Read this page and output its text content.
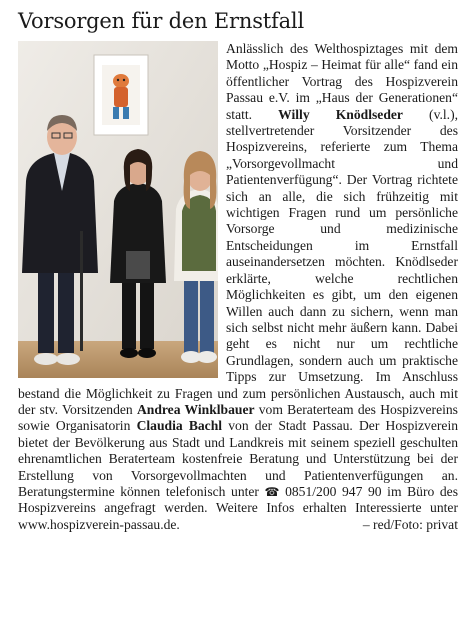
Vorsorgen für den Ernstfall

Anlässlich des Welthospiztages mit dem Motto „Hospiz – Heimat für alle“ fand ein öffentlicher Vortrag des Hospizverein Passau e.V. im „Haus der Generationen“ statt. Willy Knödlseder (v.l.), stellvertretender Vorsitzender des Hospizvereins, referierte zum Thema „Vorsorgevollmacht und Patientenverfügung“. Der Vortrag richtete sich an alle, die sich frühzeitig mit wichtigen Fragen rund um persönliche Vorsorge und medizinische Entscheidungen im Ernstfall auseinandersetzen möchten. Knödlseder erklärte, welche rechtlichen Möglichkeiten es gibt, um den eigenen Willen auch dann zu sichern, wenn man sich selbst nicht mehr äußern kann. Dabei geht es nicht nur um rechtliche Grundlagen, sondern auch um praktische Tipps zur Umsetzung. Im Anschluss bestand die Möglichkeit zu Fragen und zum persönlichen Austausch, auch mit der stv. Vorsitzenden Andrea Winklbauer vom Beraterteam des Hospizvereins sowie Organisatorin Claudia Bachl von der Stadt Passau. Der Hospizverein bietet der Bevölkerung aus Stadt und Landkreis mit seinem speziell geschulten ehrenamtlichen Beraterteam kostenfreie Beratung und Unterstützung bei der Erstellung von Vorsorgevollmachten und Patientenverfügungen an. Beratungstermine können telefonisch unter ☎ 0851/200 947 90 im Büro des Hospizvereins angefragt werden. Weitere Infos erhalten Interessierte unter www.hospizverein-passau.de.	– red/Foto: privat
